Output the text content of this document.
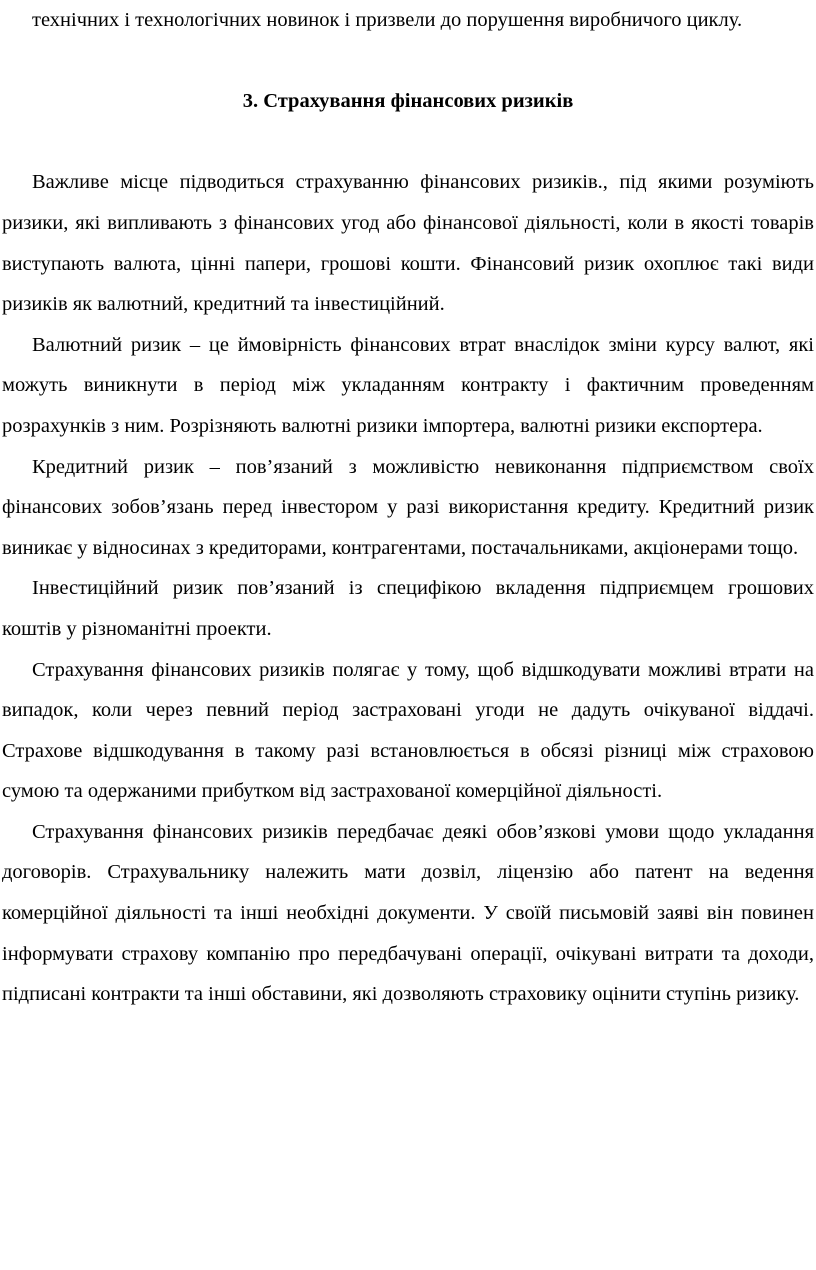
технічних і технологічних новинок і призвели до порушення виробничого циклу.

3. Страхування фінансових ризиків

Важливе місце підводиться страхуванню фінансових ризиків., під якими розуміють ризики, які випливають з фінансових угод або фінансової діяльності, коли в якості товарів виступають валюта, цінні папери, грошові кошти. Фінансовий ризик охоплює такі види ризиків як валютний, кредитний та інвестиційний.

Валютний ризик – це ймовірність фінансових втрат внаслідок зміни курсу валют, які можуть виникнути в період між укладанням контракту і фактичним проведенням розрахунків з ним. Розрізняють валютні ризики імпортера, валютні ризики експортера.

Кредитний ризик – пов’язаний з можливістю невиконання підприємством своїх фінансових зобов’язань перед інвестором у разі використання кредиту. Кредитний ризик виникає у відносинах з кредиторами, контрагентами, постачальниками, акціонерами тощо.

Інвестиційний ризик пов’язаний із специфікою вкладення підприємцем грошових коштів у різноманітні проекти.

Страхування фінансових ризиків полягає у тому, щоб відшкодувати можливі втрати на випадок, коли через певний період застраховані угоди не дадуть очікуваної віддачі. Страхове відшкодування в такому разі встановлюється в обсязі різниці між страховою сумою та одержаними прибутком від застрахованої комерційної діяльності.

Страхування фінансових ризиків передбачає деякі обов’язкові умови щодо укладання договорів. Страхувальнику належить мати дозвіл, ліцензію або патент на ведення комерційної діяльності та інші необхідні документи. У своїй письмовій заяві він повинен інформувати страхову компанію про передбачувані операції, очікувані витрати та доходи, підписані контракти та інші обставини, які дозволяють страховику оцінити ступінь ризику.
